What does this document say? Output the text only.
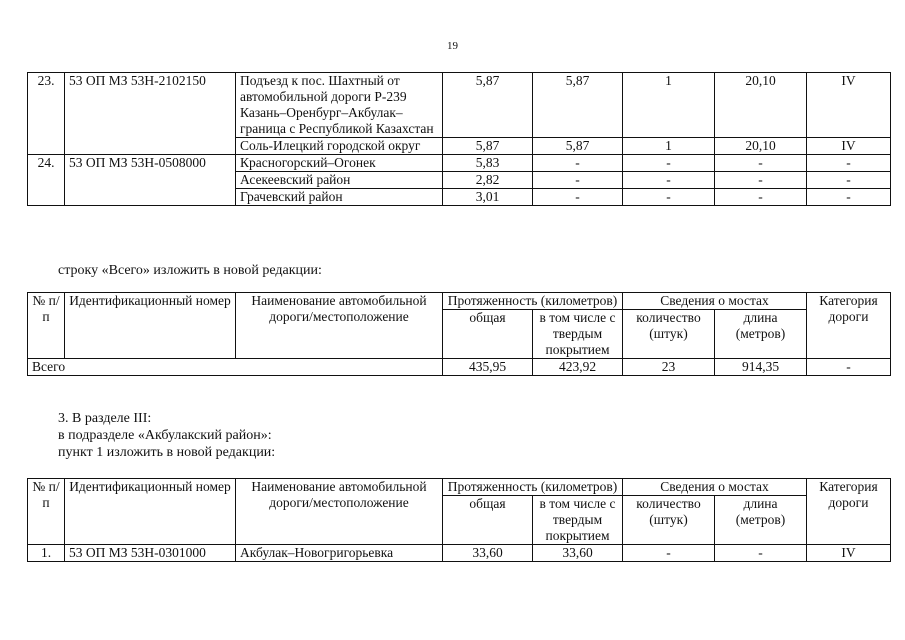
19
23.	53 ОП МЗ 53Н-2102150	Подъезд к пос. Шахтный от автомобильной дороги Р-239 Казань–Оренбург–Акбулак–граница с Республикой Казахстан	5,87	5,87	1	20,10	IV
		Соль-Илецкий городской округ	5,87	5,87	1	20,10	IV
24.	53 ОП МЗ 53Н-0508000	Красногорский–Огонек	5,83	-	-	-	-
		Асекеевский район	2,82	-	-	-	-
		Грачевский район	3,01	-	-	-	-
строку «Всего» изложить в новой редакции:
№ п/п	Идентификационный номер	Наименование автомобильной дороги/местоположение	Протяженность (километров)		Сведения о мостах		Категория дороги
			общая	в том числе с твердым покрытием	количество (штук)	длина (метров)	
Всего			435,95	423,92	23	914,35	-
3. В разделе III:
в подразделе «Акбулакский район»:
пункт 1 изложить в новой редакции:
№ п/п	Идентификационный номер	Наименование автомобильной дороги/местоположение	Протяженность (километров)		Сведения о мостах		Категория дороги
			общая	в том числе с твердым покрытием	количество (штук)	длина (метров)	
1.	53 ОП МЗ 53Н-0301000	Акбулак–Новогригорьевка	33,60	33,60	-	-	IV
